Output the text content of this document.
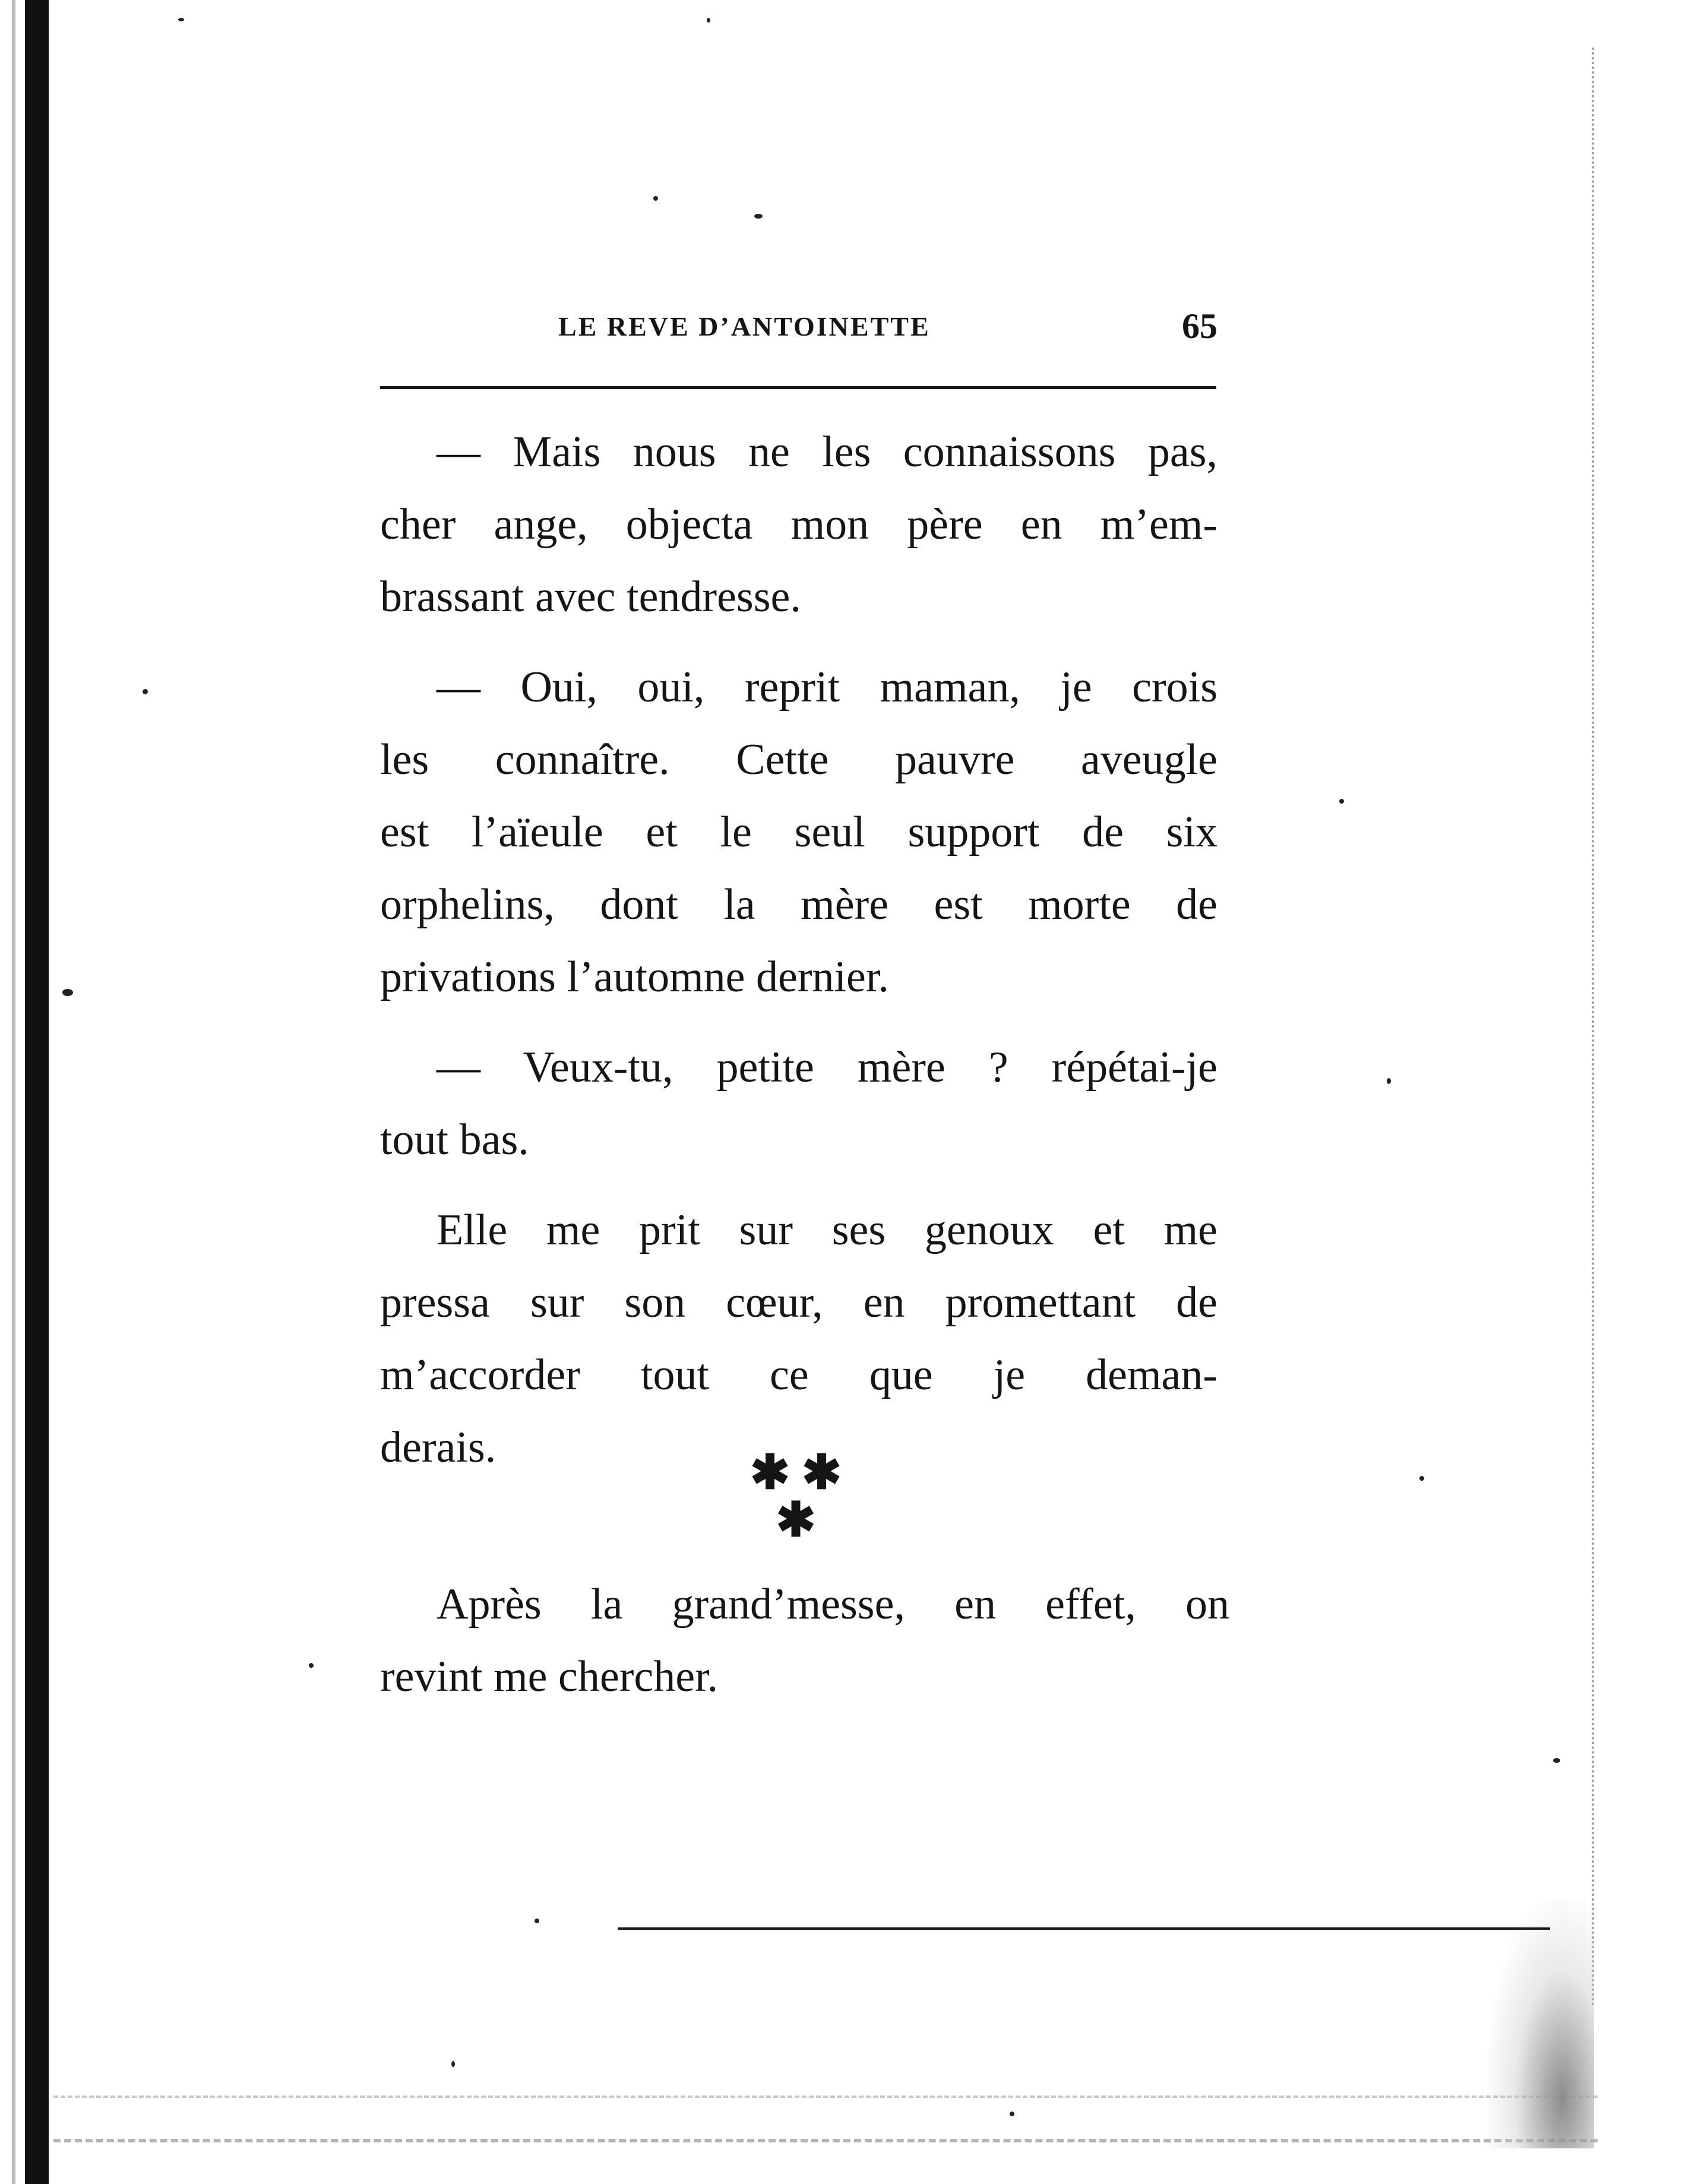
LE REVE D’ANTOINETTE	65
— Mais nous ne les connaissons pas,
cher ange, objecta mon père en m’em-
brassant avec tendresse.
— Oui, oui, reprit maman, je crois
les connaître. Cette pauvre aveugle
est l’aïeule et le seul support de six
orphelins, dont la mère est morte de
privations l’automne dernier.
— Veux-tu, petite mère ? répétai-je
tout bas.
Elle me prit sur ses genoux et me
pressa sur son cœur, en promettant de
m’accorder tout ce que je deman-
derais.	✱ ✱
✱
Après la grand’messe, en effet, on
revint me chercher.
